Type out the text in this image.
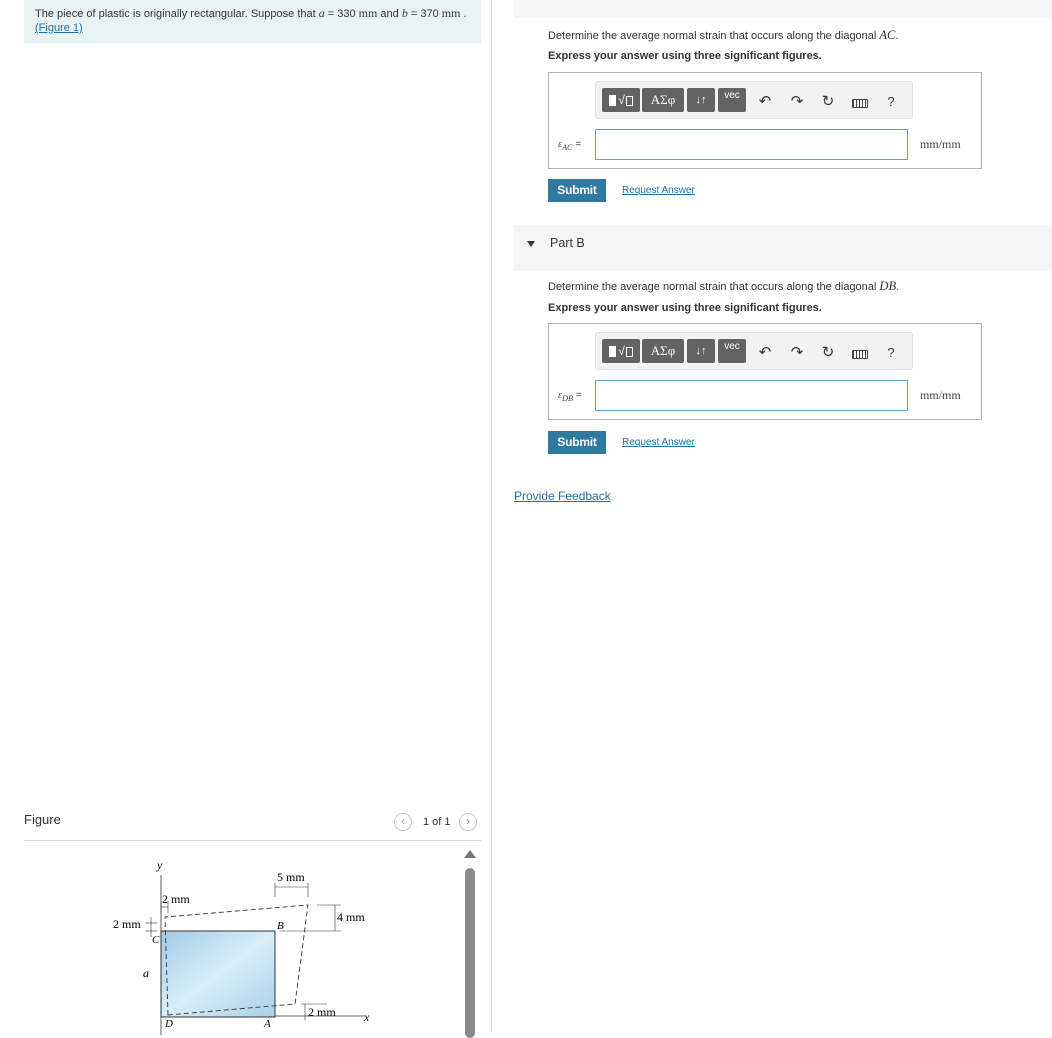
The piece of plastic is originally rectangular. Suppose that a = 330 mm and b = 370 mm .
(Figure 1)
Figure	‹	1 of 1	›
y
x
2 mm
2 mm
5 mm
4 mm
2 mm
a
C
B
D	A
Determine the average normal strain that occurs along the diagonal AC.
Express your answer using three significant figures.
√	ΑΣφ	↓↑	vec	↶ ↷ ↻	?
$\varepsilon_{AC}$ =	mm/mm
Submit	Request Answer
Part B
Determine the average normal strain that occurs along the diagonal DB.
Express your answer using three significant figures.
√	ΑΣφ	↓↑	vec	↶ ↷ ↻	?
$\varepsilon_{DB}$ =	mm/mm
Submit	Request Answer
Provide Feedback
